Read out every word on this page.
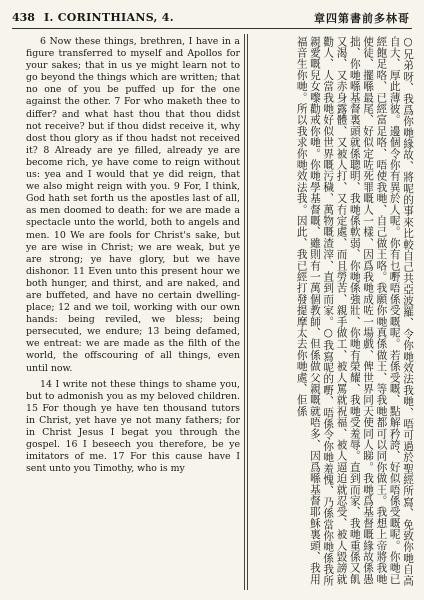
438 I. CORINTHIANS, 4.	章四第書前多林哥

6 Now these things, brethren, I have in a figure transferred to myself and Apollos for your sakes; that in us ye might learn not to go beyond the things which are written; that no one of you be puffed up for the one against the other. 7 For who maketh thee to differ? and what hast thou that thou didst not receive? but if thou didst receive it, why dost thou glory as if thou hadst not received it? 8 Already are ye filled, already ye are become rich, ye have come to reign without us: yea and I would that ye did reign, that we also might reign with you. 9 For, I think, God hath set forth us the apostles last of all, as men doomed to death: for we are made a spectacle unto the world, both to angels and men. 10 We are fools for Christ's sake, but ye are wise in Christ; we are weak, but ye are strong; ye have glory, but we have dishonor. 11 Even unto this present hour we both hunger, and thirst, and are naked, and are buffeted, and have no certain dwelling-place; 12 and we toil, working with our own hands: being reviled, we bless; being persecuted, we endure; 13 being defamed, we entreat: we are made as the filth of the world, the offscouring of all things, even until now.

14 I write not these things to shame you, but to admonish you as my beloved children. 15 For though ye have ten thousand tutors in Christ, yet have ye not many fathers; for in Christ Jesus I begat you through the gospel. 16 I beseech you therefore, be ye imitators of me. 17 For this cause have I sent unto you Timothy, who is my	○兄弟呀、我爲你哋緣故、將呢的事來比較自己共亞波羅、令你哋效法我哋、唔可過於聖經所寫、免致你哋自高自大、厚此薄彼。邊個令你有異於人呢。你有乜嘢唔係受嘅呢。若係受嘅、點解矜誇、好似唔係受嘅呢。你哋已經飽足咯、已經富足咯、唔使我哋、自己做王咯。我願你哋真係做王、等我哋都可以同你做王。我想上帝將我哋使徒、擺喺最尾、好似定咗死罪嘅人一樣、因爲我哋成咗一場戲、俾世界同天使同人睇。我哋爲基督嘅緣故係愚拙、你哋喺基督裏頭就係聰明、我哋係軟弱、你哋係強壯、你哋有榮耀、我哋受羞辱。直到而家、我哋重係又飢又渴、又赤身露體、又被人打、又冇定處、而且勞苦、親手做工、被人罵就祝福、被人逼迫就忍受、被人毀謗就勸人、人當我哋好似世界嘅污穢、萬物嘅渣滓、直到而家。○我寫呢的嘢、唔係令你哋羞愧、乃係當你哋係我所親愛嘅兒女嚟勸戒你哋。你哋學基督嘅、雖則有一萬個教師、但係做父親嘅就唔多、因爲喺基督耶穌裏頭、我用福音生你哋。所以我求你哋效法我。因此、我已經打發提摩太去你哋處、佢係
